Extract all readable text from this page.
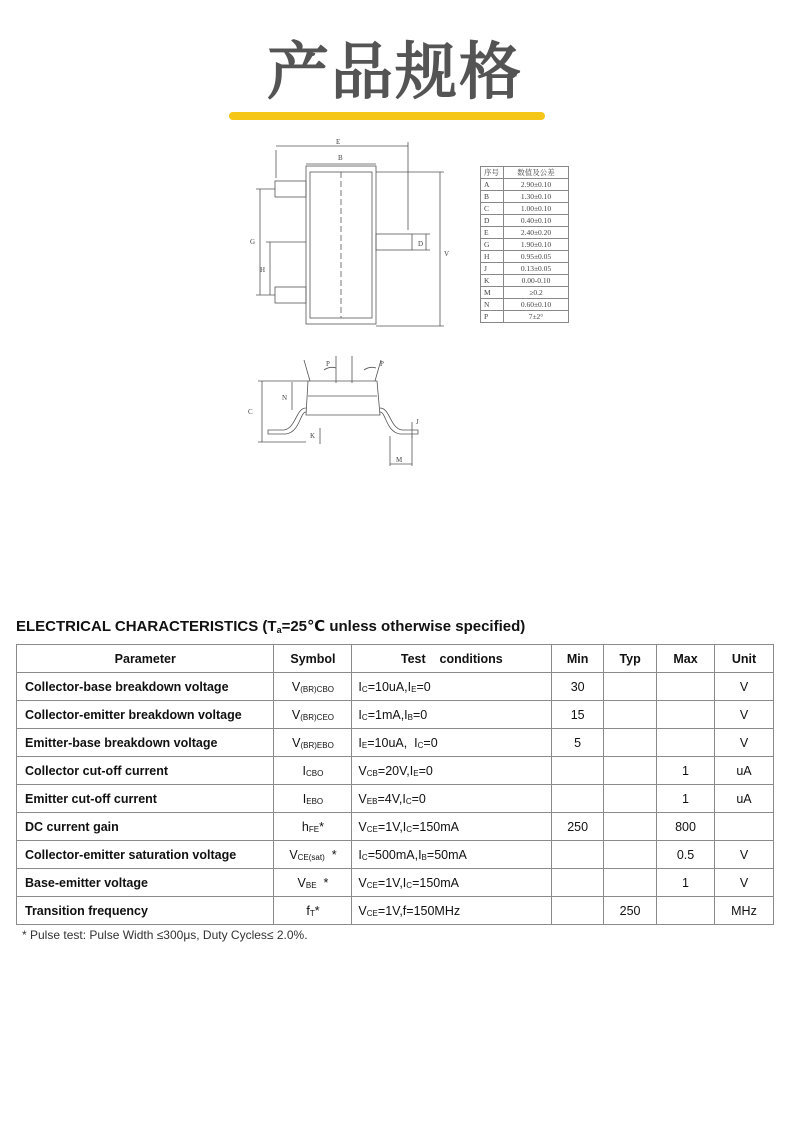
产品规格
E
B
G
H
D
V
P	P
C
N
K
J
M
序号	数值及公差
A	2.90±0.10
B	1.30±0.10
C	1.00±0.10
D	0.40±0.10
E	2.40±0.20
G	1.90±0.10
H	0.95±0.05
J	0.13±0.05
K	0.00-0.10
M	≥0.2
N	0.60±0.10
P	7±2°
ELECTRICAL CHARACTERISTICS ($T_a=25℃$ unless otherwise specified)
Parameter	Symbol	Test    conditions	Min	Typ	Max	Unit
Collector-base breakdown voltage	$V_{(BR)CBO}$	$I_C=10uA,I_E=0$	30			V
Collector-emitter breakdown voltage	$V_{(BR)CEO}$	$I_C=1mA,I_B=0$	15			V
Emitter-base breakdown voltage	$V_{(BR)EBO}$	$I_E=10uA$,  $I_C=0$	5			V
Collector cut-off current	$I_{CBO}$	$V_{CB}=20V,I_E=0$			1	uA
Emitter cut-off current	$I_{EBO}$	$V_{EB}=4V,I_C=0$			1	uA
DC current gain	$h_{FE}*$	$V_{CE}=1V,I_C=150mA$	250		800	
Collector-emitter saturation voltage	$V_{CE(sat)}$  *	$I_C=500mA,I_B=50mA$			0.5	V
Base-emitter voltage	$V_{BE}$  *	$V_{CE}=1V,I_C=150mA$			1	V
Transition frequency	$f_T*$	$V_{CE}=1V,f=150MHz$		250		MHz
* Pulse test: Pulse Width ≤300μs, Duty Cycles≤ 2.0%.
